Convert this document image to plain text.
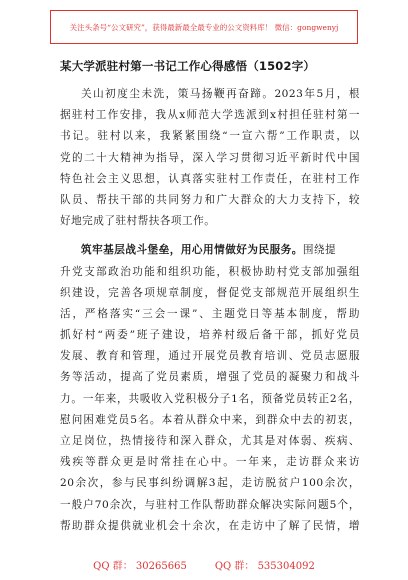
关注头条号“公文研究”，获得最新最全最专业的公文资料库！ 微信：gongwenyj
某大学派驻村第一书记工作心得感悟（1502字）
关山初度尘未洗，策马扬鞭再奋蹄。2023年5月，根
据驻村工作安排，我从x师范大学选派到x村担任驻村第一
书记。驻村以来，我紧紧围绕“一宣六帮”工作职责，以
党的二十大精神为指导，深入学习贯彻习近平新时代中国
特色社会主义思想，认真落实驻村工作责任，在驻村工作
队员、帮扶干部的共同努力和广大群众的大力支持下，较
好地完成了驻村帮扶各项工作。
筑牢基层战斗堡垒，用心用情做好为民服务。围绕提
升党支部政治功能和组织功能，积极协助村党支部加强组
织建设，完善各项规章制度，督促党支部规范开展组织生
活，严格落实“三会一课”、主题党日等基本制度，帮助
抓好村“两委”班子建设，培养村级后备干部，抓好党员
发展、教育和管理，通过开展党员教育培训、党员志愿服
务等活动，提高了党员素质，增强了党员的凝聚力和战斗
力。一年来，共吸收入党积极分子1名，预备党员转正2名，
慰问困难党员5名。本着从群众中来，到群众中去的初衷，
立足岗位，热情接待和深入群众，尤其是对体弱、疾病、
残疾等群众更是时常挂在心中。一年来，走访群众来访
20余次，参与民事纠纷调解3起，走访脱贫户100余次，
一般户70余次，与驻村工作队帮助群众解决实际问题5个，
帮助群众提供就业机会十余次，在走访中了解了民情，增
QQ 群： 30265665	QQ 群： 535304092
